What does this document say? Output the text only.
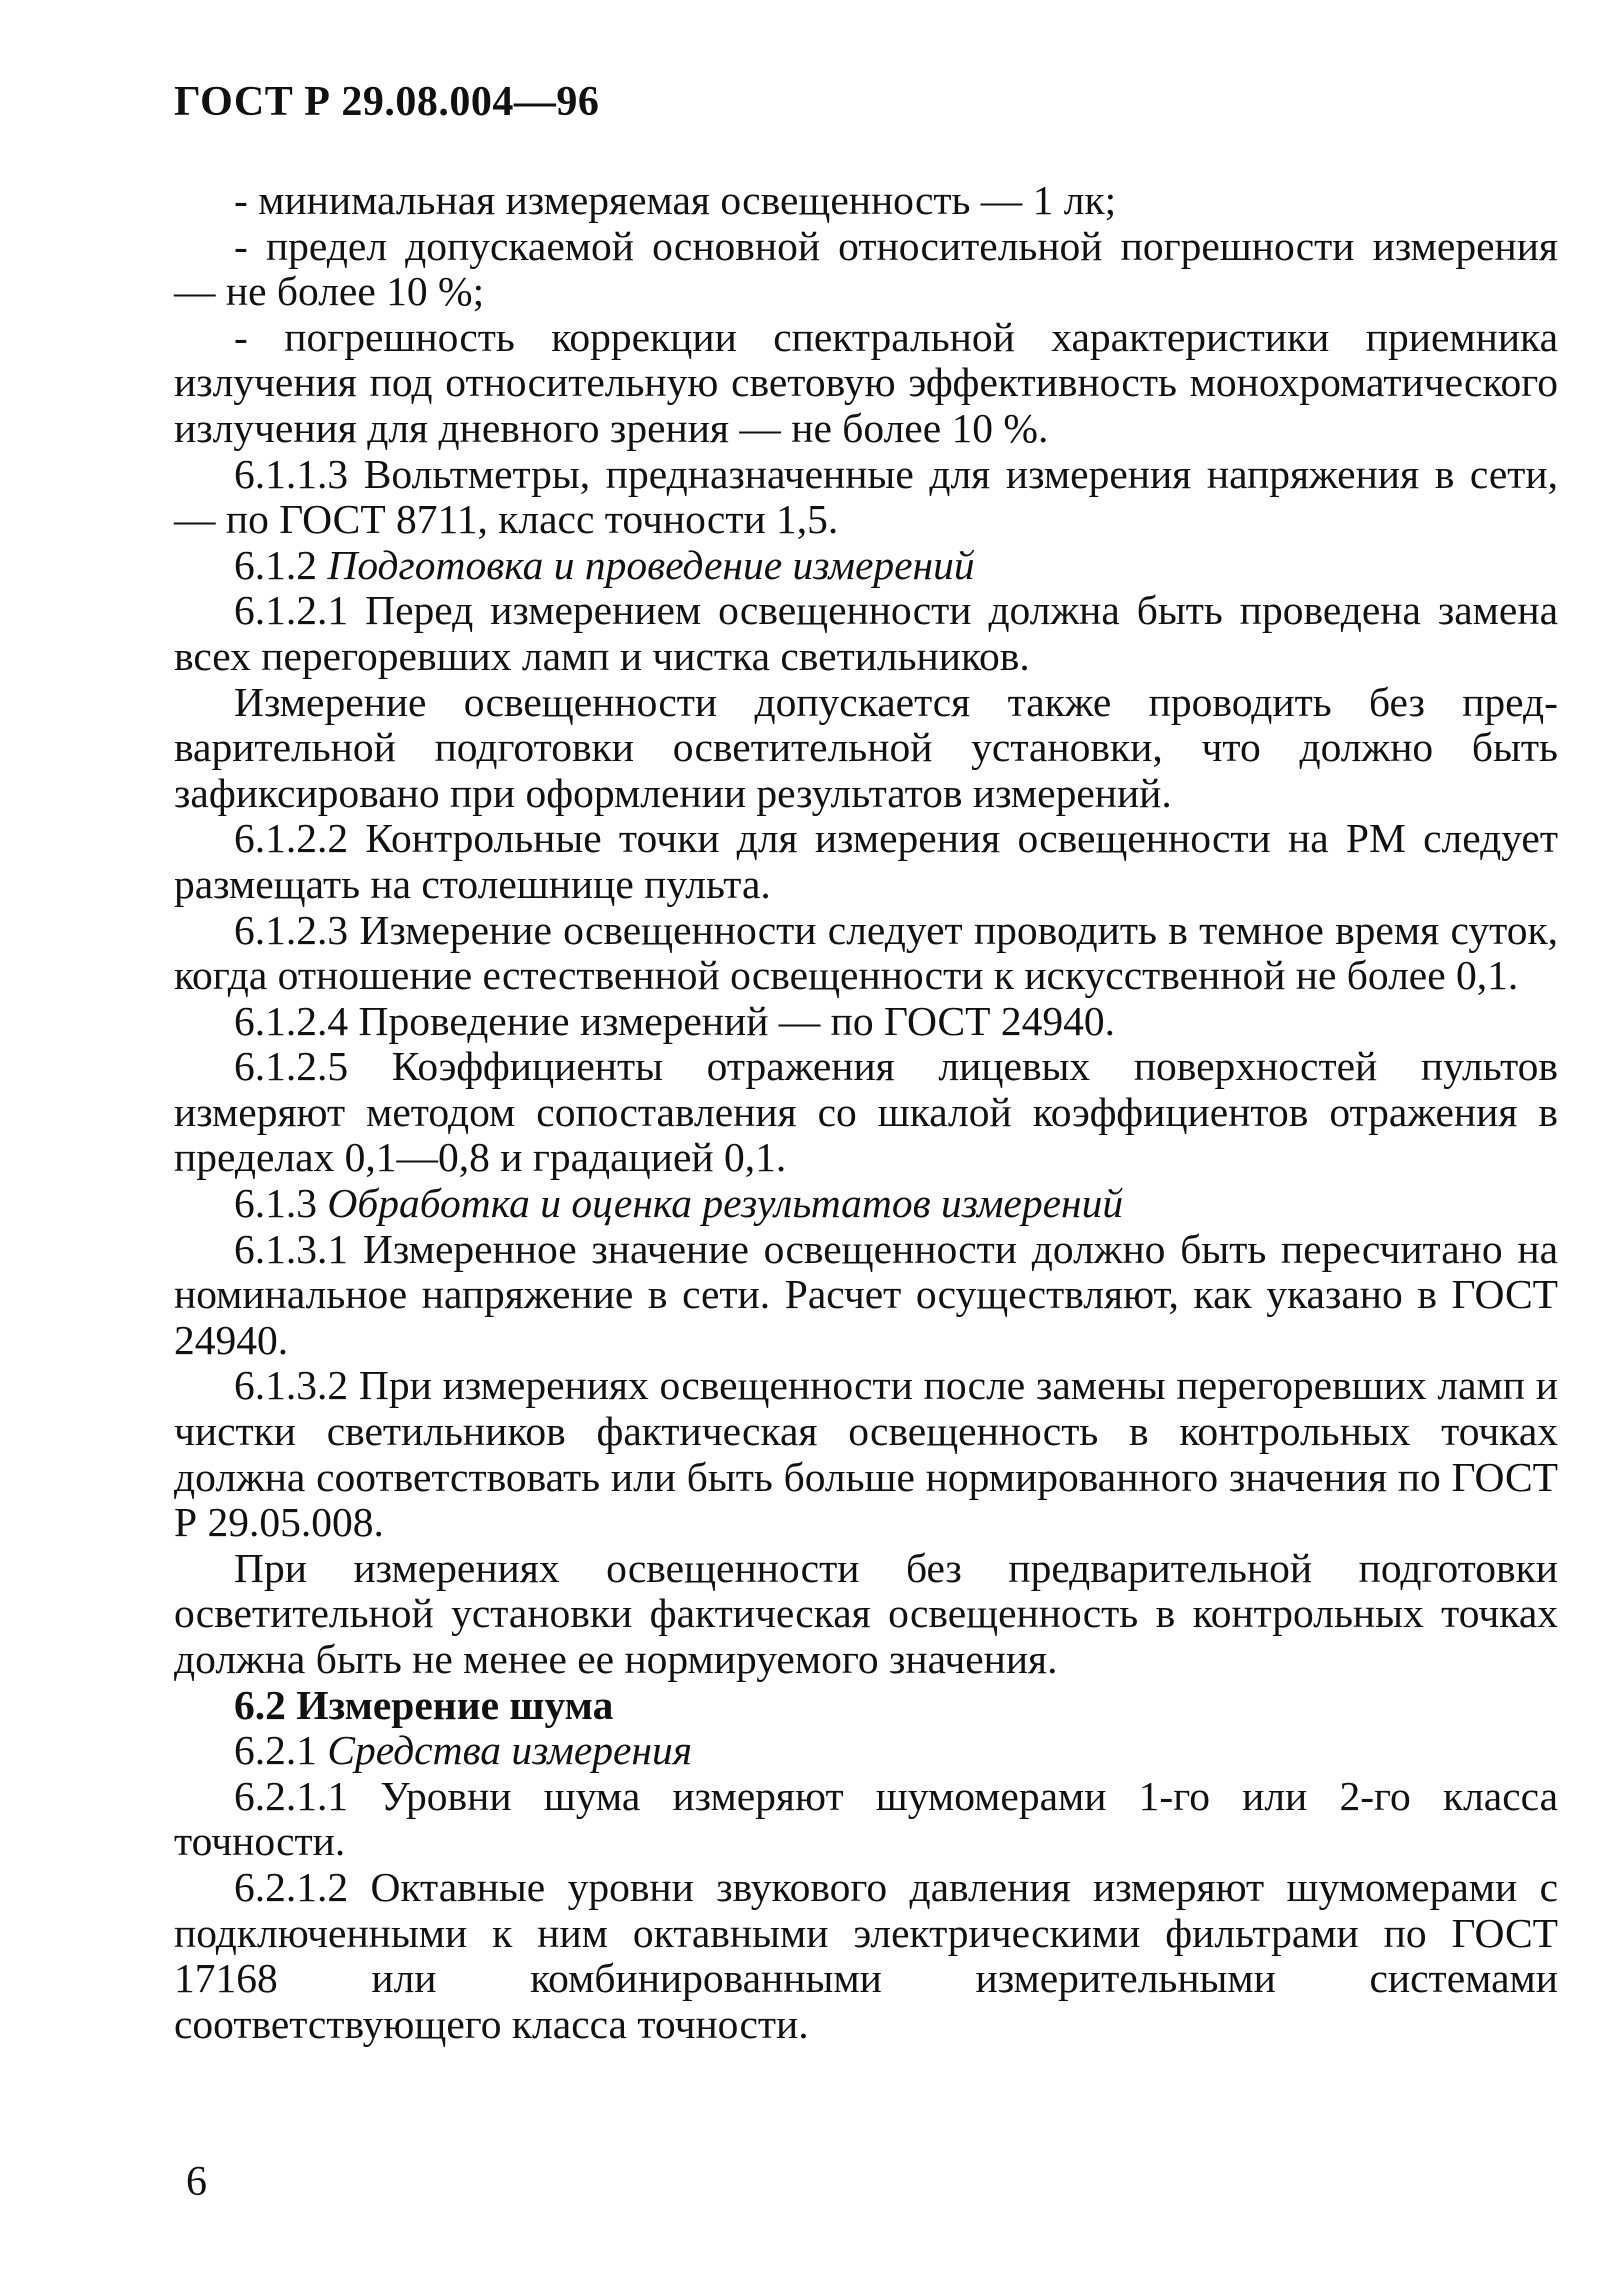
ГОСТ Р 29.08.004—96

- минимальная измеряемая освещенность — 1 лк;

- предел допускаемой основной относительной погрешности измерения — не более 10 %;

- погрешность коррекции спектральной характеристики приемника излучения под относительную световую эффективность монохроматического излучения для дневного зрения — не более 10 %.

6.1.1.3 Вольтметры, предназначенные для измерения напряжения в сети, — по ГОСТ 8711, класс точности 1,5.

6.1.2 Подготовка и проведение измерений

6.1.2.1 Перед измерением освещенности должна быть проведена замена всех перегоревших ламп и чистка светильников.

Измерение освещенности допускается также проводить без предварительной подготовки осветительной установки, что должно быть зафиксировано при оформлении результатов измерений.

6.1.2.2 Контрольные точки для измерения освещенности на РМ следует размещать на столешнице пульта.

6.1.2.3 Измерение освещенности следует проводить в темное время суток, когда отношение естественной освещенности к искусственной не более 0,1.

6.1.2.4 Проведение измерений — по ГОСТ 24940.

6.1.2.5 Коэффициенты отражения лицевых поверхностей пультов измеряют методом сопоставления со шкалой коэффициентов отражения в пределах 0,1—0,8 и градацией 0,1.

6.1.3 Обработка и оценка результатов измерений

6.1.3.1 Измеренное значение освещенности должно быть пересчитано на номинальное напряжение в сети. Расчет осуществляют, как указано в ГОСТ 24940.

6.1.3.2 При измерениях освещенности после замены перегоревших ламп и чистки светильников фактическая освещенность в контрольных точках должна соответствовать или быть больше нормированного значения по ГОСТ Р 29.05.008.

При измерениях освещенности без предварительной подготовки осветительной установки фактическая освещенность в контрольных точках должна быть не менее ее нормируемого значения.

6.2 Измерение шума

6.2.1 Средства измерения

6.2.1.1 Уровни шума измеряют шумомерами 1-го или 2-го класса точности.

6.2.1.2 Октавные уровни звукового давления измеряют шумомерами с подключенными к ним октавными электрическими фильтрами по ГОСТ 17168 или комбинированными измерительными системами соответствующего класса точности.

6
